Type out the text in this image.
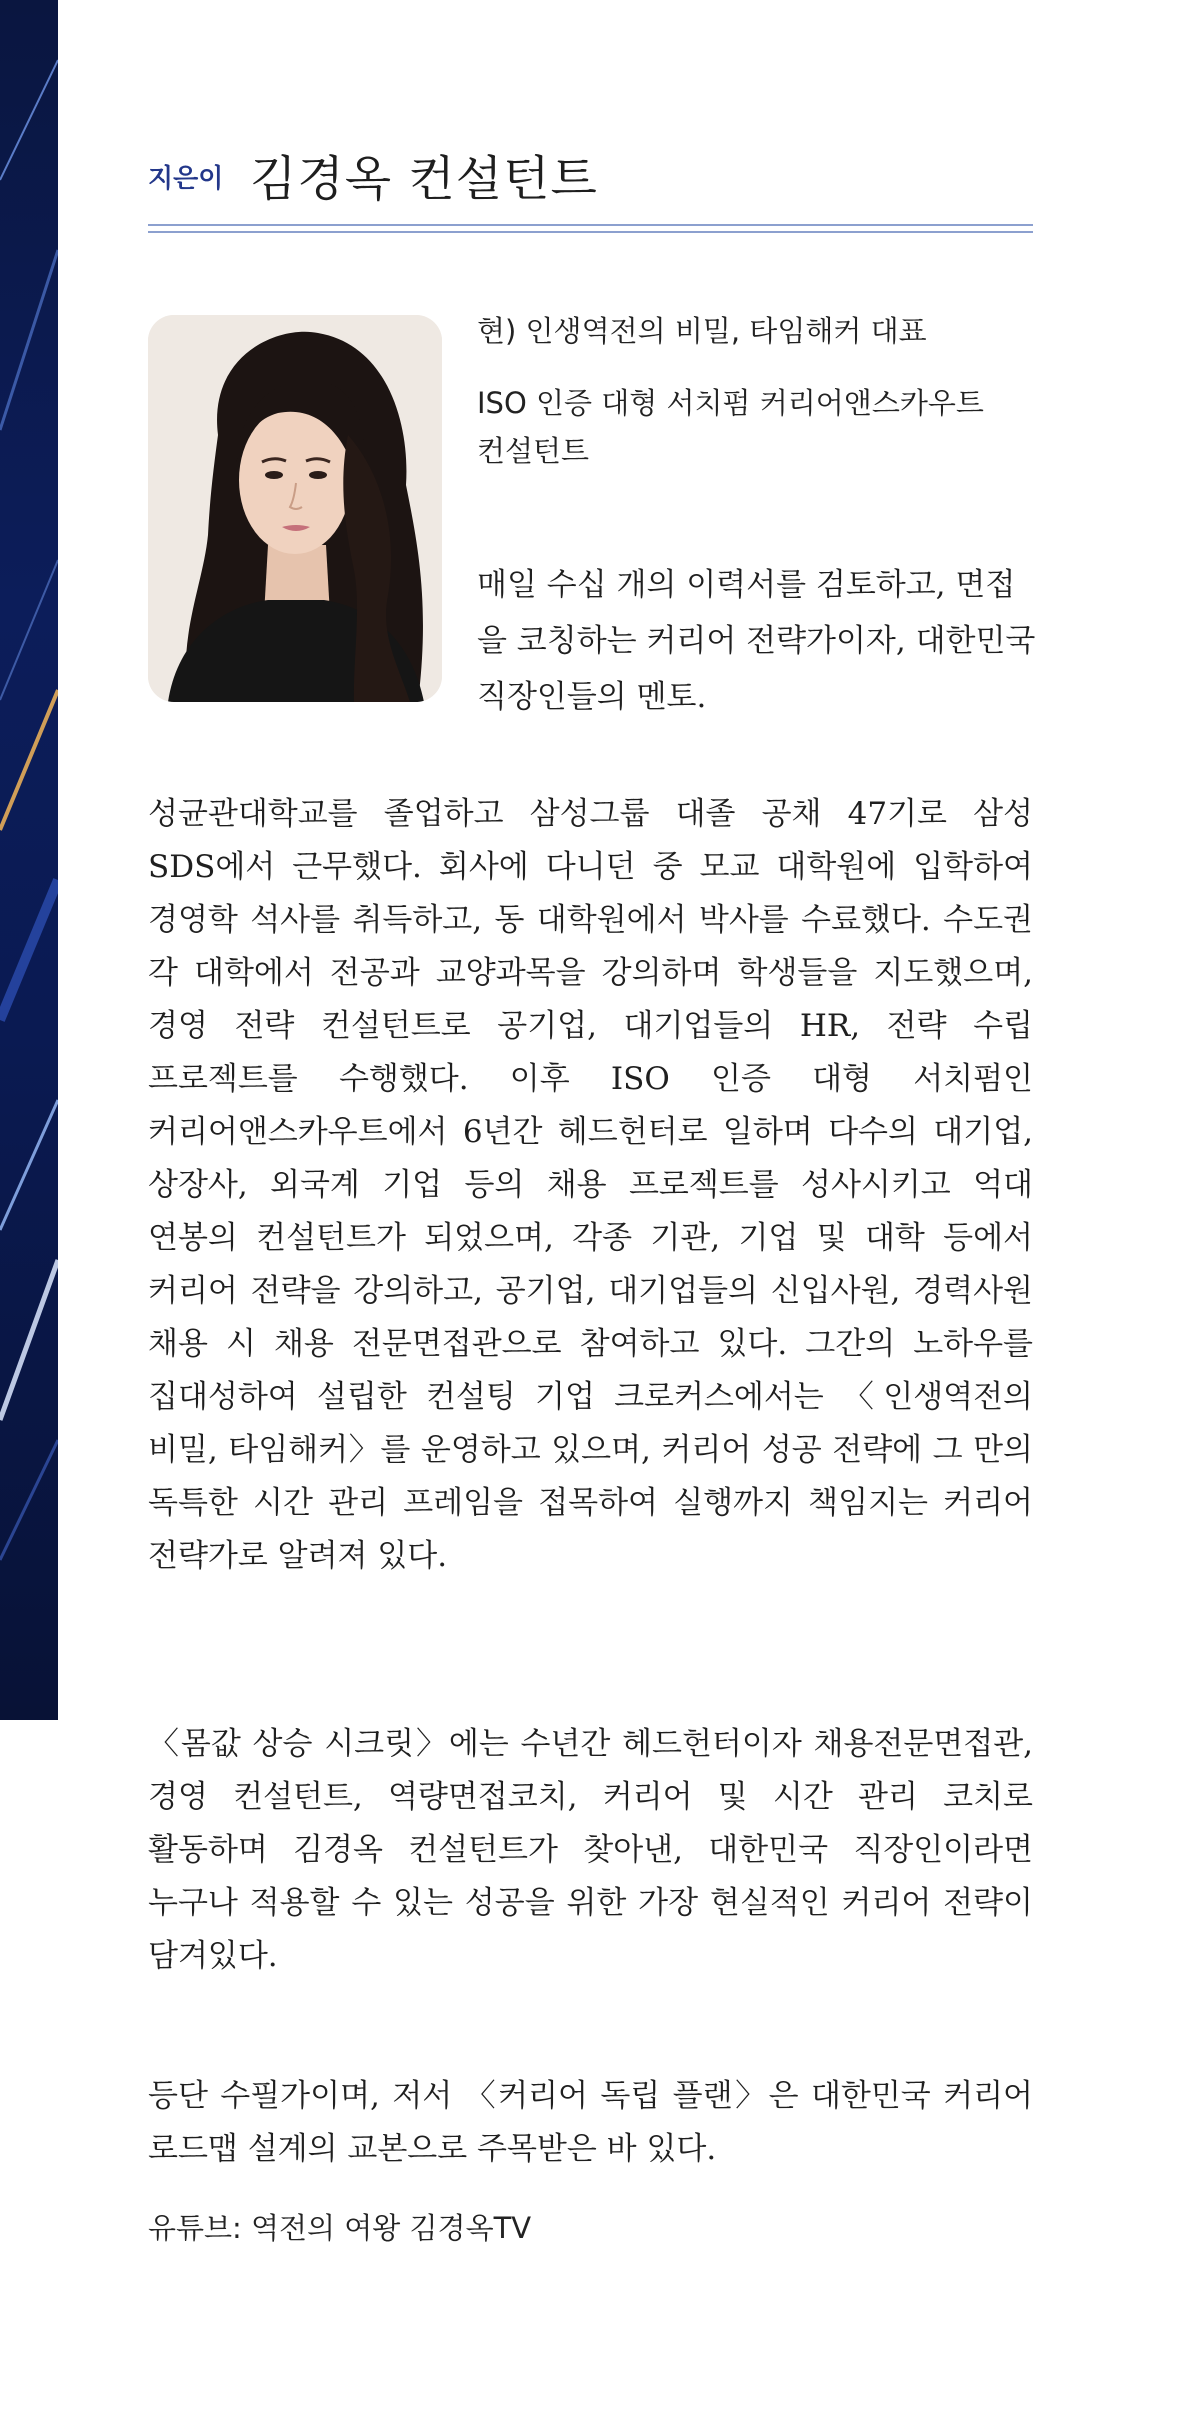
지은이 김경옥 컨설턴트

현) 인생역전의 비밀, 타임해커 대표

ISO 인증 대형 서치펌 커리어앤스카우트

컨설턴트

매일 수십 개의 이력서를 검토하고, 면접을 코칭하는 커리어 전략가이자, 대한민국 직장인들의 멘토.

성균관대학교를 졸업하고 삼성그룹 대졸 공채 47기로 삼성 SDS에서 근무했다. 회사에 다니던 중 모교 대학원에 입학하여 경영학 석사를 취득하고, 동 대학원에서 박사를 수료했다. 수도권 각 대학에서 전공과 교양과목을 강의하며 학생들을 지도했으며, 경영 전략 컨설턴트로 공기업, 대기업들의 HR, 전략 수립 프로젝트를 수행했다. 이후 ISO 인증 대형 서치펌인 커리어앤스카우트에서 6년간 헤드헌터로 일하며 다수의 대기업, 상장사, 외국계 기업 등의 채용 프로젝트를 성사시키고 억대 연봉의 컨설턴트가 되었으며, 각종 기관, 기업 및 대학 등에서 커리어 전략을 강의하고, 공기업, 대기업들의 신입사원, 경력사원 채용 시 채용 전문면접관으로 참여하고 있다. 그간의 노하우를 집대성하여 설립한 컨설팅 기업 크로커스에서는 〈인생역전의 비밀, 타임해커〉를 운영하고 있으며, 커리어 성공 전략에 그 만의 독특한 시간 관리 프레임을 접목하여 실행까지 책임지는 커리어 전략가로 알려져 있다.

〈몸값 상승 시크릿〉에는 수년간 헤드헌터이자 채용전문면접관, 경영 컨설턴트, 역량면접코치, 커리어 및 시간 관리 코치로 활동하며 김경옥 컨설턴트가 찾아낸, 대한민국 직장인이라면 누구나 적용할 수 있는 성공을 위한 가장 현실적인 커리어 전략이 담겨있다.

등단 수필가이며, 저서 〈커리어 독립 플랜〉은 대한민국 커리어 로드맵 설계의 교본으로 주목받은 바 있다.

유튜브: 역전의 여왕 김경옥TV
